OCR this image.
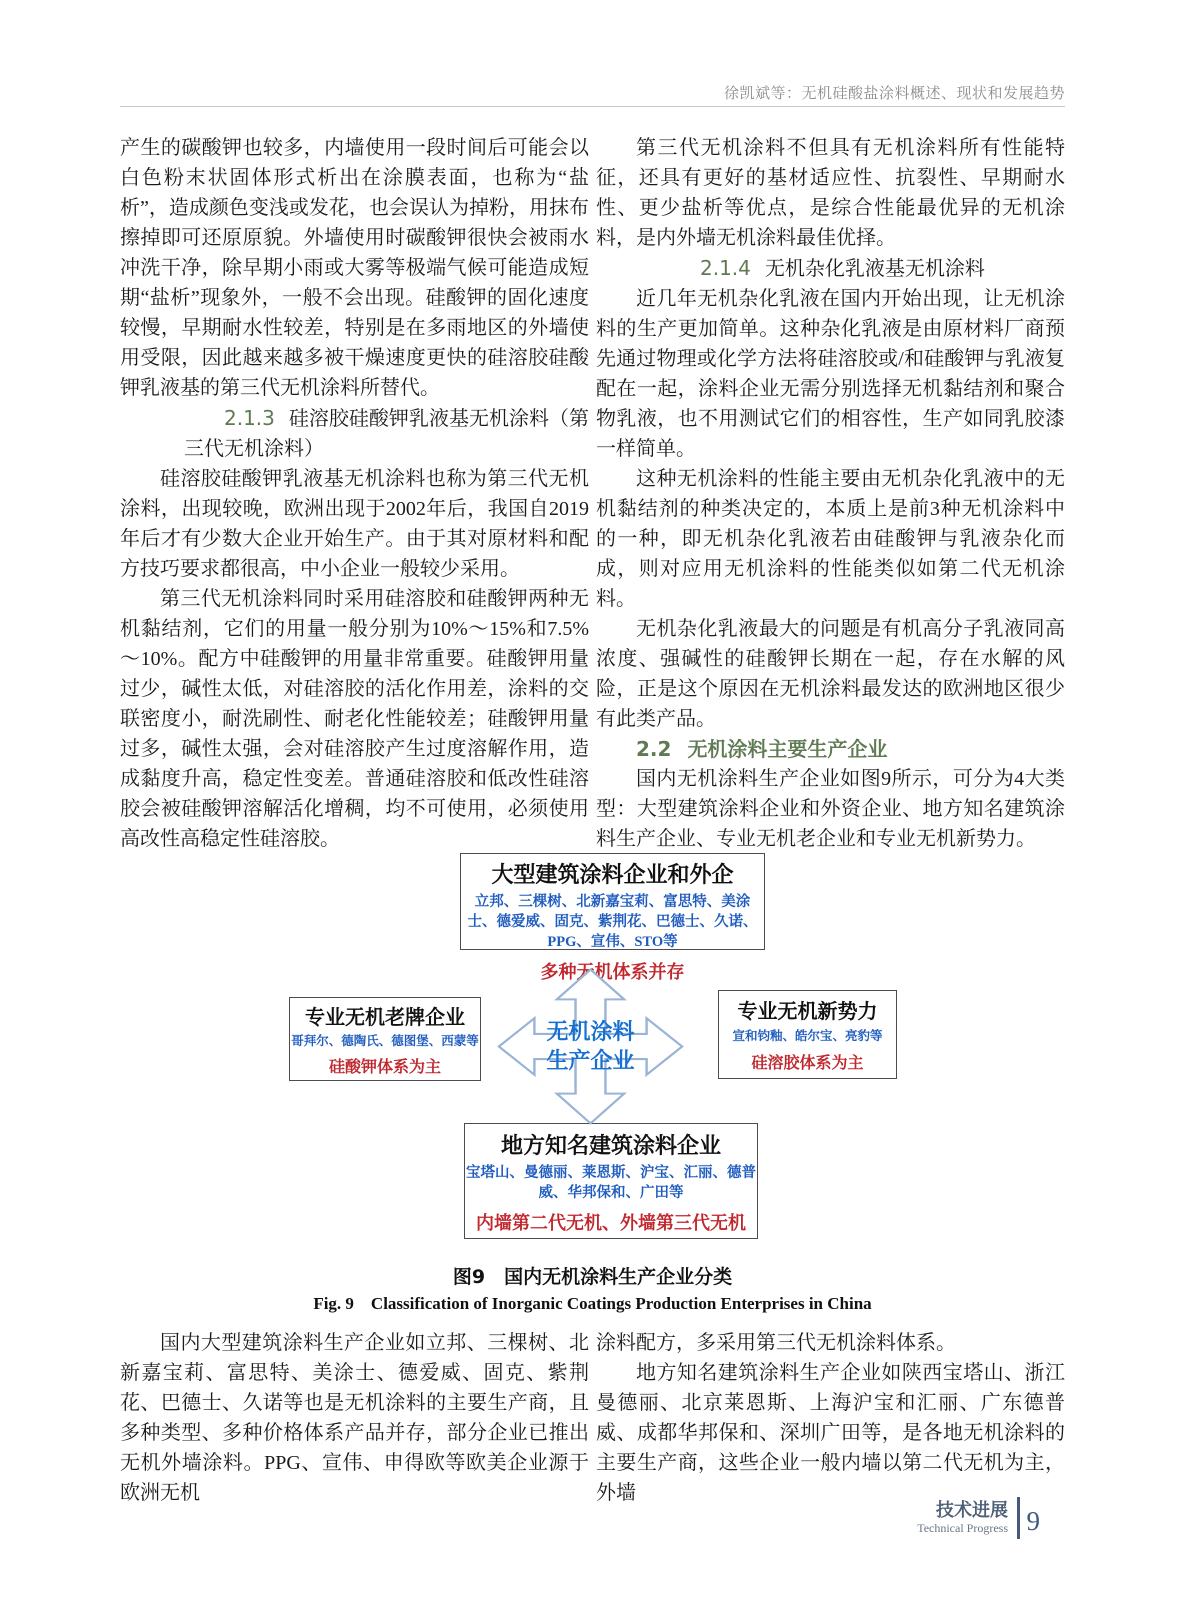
徐凯斌等：无机硅酸盐涂料概述、现状和发展趋势

产生的碳酸钾也较多，内墙使用一段时间后可能会以白色粉末状固体形式析出在涂膜表面，也称为“盐析”，造成颜色变浅或发花，也会误认为掉粉，用抹布擦掉即可还原原貌。外墙使用时碳酸钾很快会被雨水冲洗干净，除早期小雨或大雾等极端气候可能造成短期“盐析”现象外，一般不会出现。硅酸钾的固化速度较慢，早期耐水性较差，特别是在多雨地区的外墙使用受限，因此越来越多被干燥速度更快的硅溶胶硅酸钾乳液基的第三代无机涂料所替代。

2.1.3 硅溶胶硅酸钾乳液基无机涂料（第三代无机涂料）

硅溶胶硅酸钾乳液基无机涂料也称为第三代无机涂料，出现较晚，欧洲出现于2002年后，我国自2019年后才有少数大企业开始生产。由于其对原材料和配方技巧要求都很高，中小企业一般较少采用。

第三代无机涂料同时采用硅溶胶和硅酸钾两种无机黏结剂，它们的用量一般分别为10%～15%和7.5%～10%。配方中硅酸钾的用量非常重要。硅酸钾用量过少，碱性太低，对硅溶胶的活化作用差，涂料的交联密度小，耐洗刷性、耐老化性能较差；硅酸钾用量过多，碱性太强，会对硅溶胶产生过度溶解作用，造成黏度升高，稳定性变差。普通硅溶胶和低改性硅溶胶会被硅酸钾溶解活化增稠，均不可使用，必须使用高改性高稳定性硅溶胶。

第三代无机涂料不但具有无机涂料所有性能特征，还具有更好的基材适应性、抗裂性、早期耐水性、更少盐析等优点，是综合性能最优异的无机涂料，是内外墙无机涂料最佳优择。

2.1.4 无机杂化乳液基无机涂料

近几年无机杂化乳液在国内开始出现，让无机涂料的生产更加简单。这种杂化乳液是由原材料厂商预先通过物理或化学方法将硅溶胶或/和硅酸钾与乳液复配在一起，涂料企业无需分别选择无机黏结剂和聚合物乳液，也不用测试它们的相容性，生产如同乳胶漆一样简单。

这种无机涂料的性能主要由无机杂化乳液中的无机黏结剂的种类决定的，本质上是前3种无机涂料中的一种，即无机杂化乳液若由硅酸钾与乳液杂化而成，则对应用无机涂料的性能类似如第二代无机涂料。

无机杂化乳液最大的问题是有机高分子乳液同高浓度、强碱性的硅酸钾长期在一起，存在水解的风险，正是这个原因在无机涂料最发达的欧洲地区很少有此类产品。

2.2 无机涂料主要生产企业

国内无机涂料生产企业如图9所示，可分为4大类型：大型建筑涂料企业和外资企业、地方知名建筑涂料生产企业、专业无机老企业和专业无机新势力。

大型建筑涂料企业和外企
立邦、三棵树、北新嘉宝莉、富思特、美涂士、德爱威、固克、紫荆花、巴德士、久诺、PPG、宣伟、STO等
多种无机体系并存
专业无机老牌企业
哥拜尔、德陶氏、德图堡、西蒙等
硅酸钾体系为主
专业无机新势力
宣和钧釉、皓尔宝、亮豹等
硅溶胶体系为主
地方知名建筑涂料企业
宝塔山、曼德丽、莱恩斯、沪宝、汇丽、德普威、华邦保和、广田等
内墙第二代无机、外墙第三代无机
无机涂料
生产企业
图9　国内无机涂料生产企业分类
Fig. 9　Classification of Inorganic Coatings Production Enterprises in China

国内大型建筑涂料生产企业如立邦、三棵树、北新嘉宝莉、富思特、美涂士、德爱威、固克、紫荆花、巴德士、久诺等也是无机涂料的主要生产商，且多种类型、多种价格体系产品并存，部分企业已推出无机外墙涂料。PPG、宣伟、申得欧等欧美企业源于欧洲无机

涂料配方，多采用第三代无机涂料体系。

地方知名建筑涂料生产企业如陕西宝塔山、浙江曼德丽、北京莱恩斯、上海沪宝和汇丽、广东德普威、成都华邦保和、深圳广田等，是各地无机涂料的主要生产商，这些企业一般内墙以第二代无机为主，外墙

技术进展
Technical Progress 9
